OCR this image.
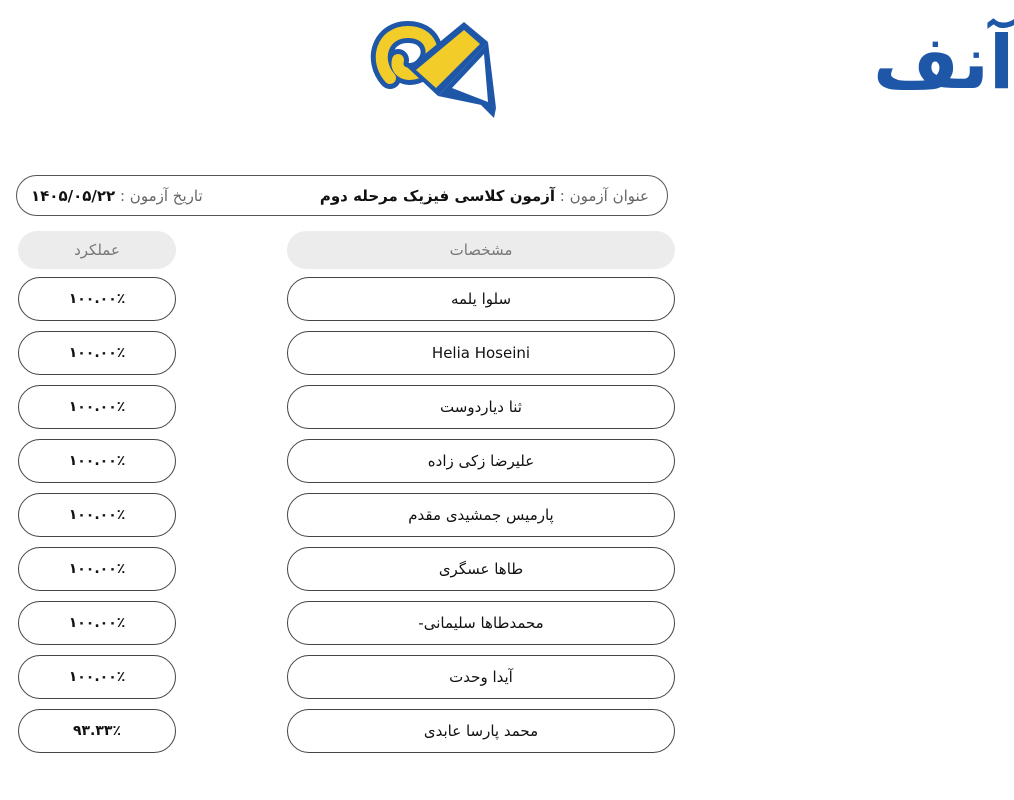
آنف
عنوان آزمون : آزمون کلاسی فیزیک مرحله دوم
تاریخ آزمون : ۱۴۰۵/۰۵/۲۲
مشخصات
عملکرد
سلوا یلمه
۱۰۰.۰۰٪
Helia Hoseini
۱۰۰.۰۰٪
ثنا دیاردوست
۱۰۰.۰۰٪
علیرضا زکی زاده
۱۰۰.۰۰٪
پارمیس جمشیدی مقدم
۱۰۰.۰۰٪
طاها عسگری
۱۰۰.۰۰٪
محمدطاها سلیمانی-
۱۰۰.۰۰٪
آیدا وحدت
۱۰۰.۰۰٪
محمد پارسا عابدی
۹۳.۳۳٪
